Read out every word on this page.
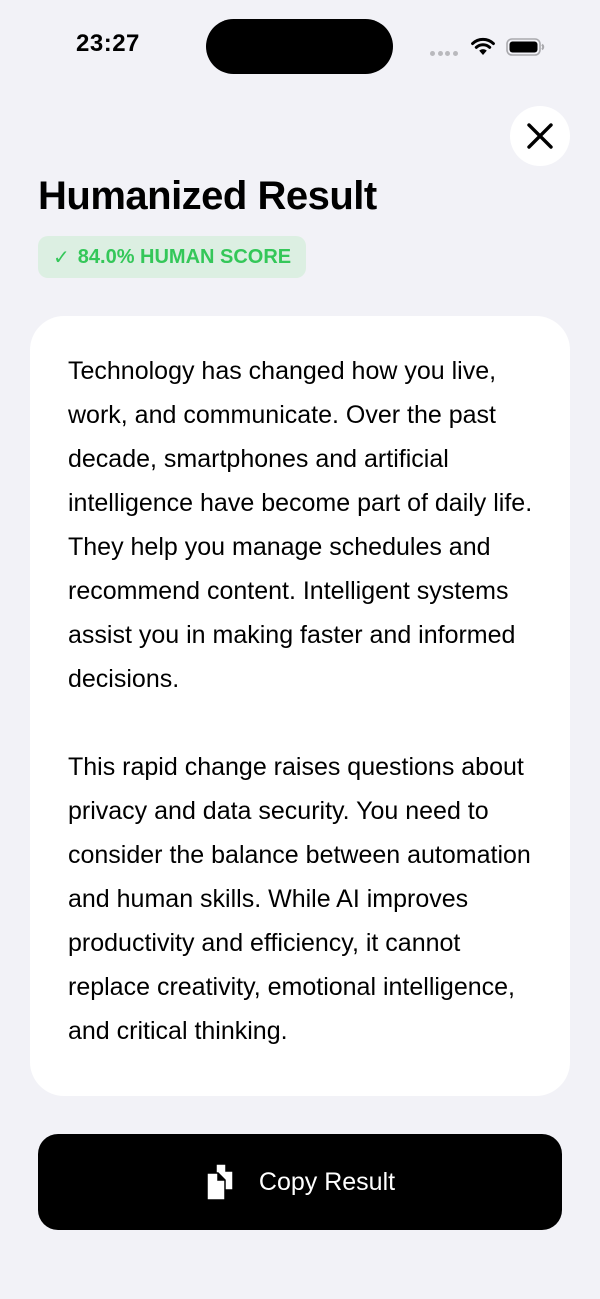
23:27
Humanized Result
✓ 84.0% HUMAN SCORE

Technology has changed how you live, work, and communicate. Over the past decade, smartphones and artificial intelligence have become part of daily life. They help you manage schedules and recommend content. Intelligent systems assist you in making faster and informed decisions.

This rapid change raises questions about privacy and data security. You need to consider the balance between automation and human skills. While AI improves productivity and efficiency, it cannot replace creativity, emotional intelligence, and critical thinking.

Copy Result
